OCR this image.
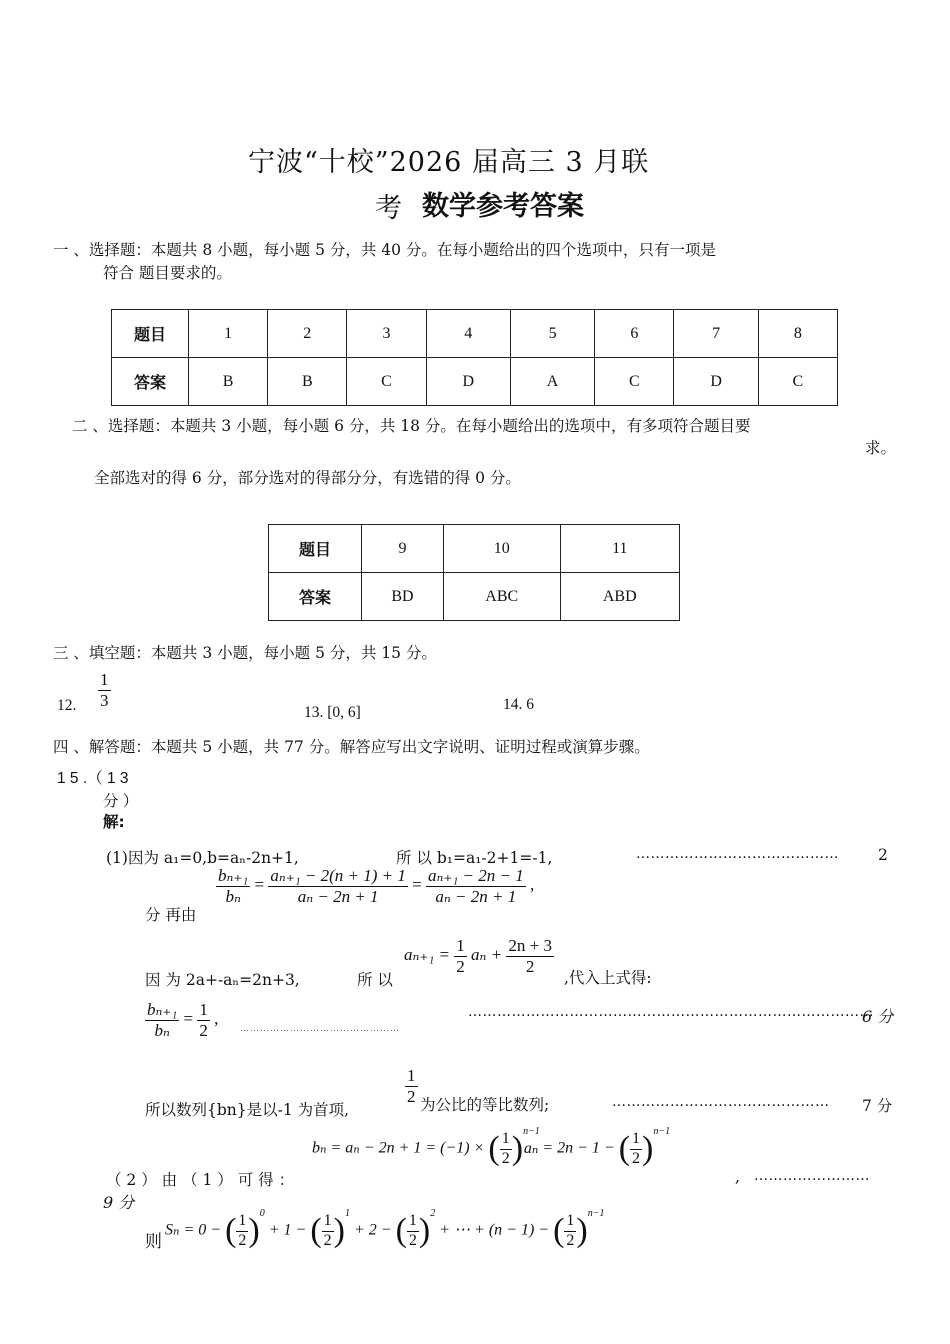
宁波“十校”2026 届高三 3 月联
考 数学参考答案
一 、选择题：本题共 8 小题，每小题 5 分，共 40 分。在每小题给出的四个选项中，只有一项是
符合 题目要求的。
题目	1	2	3	4	5	6	7	8
答案	B	B	C	D	A	C	D	C
二 、选择题：本题共 3 小题，每小题 6 分，共 18 分。在每小题给出的选项中，有多项符合题目要
求。
全部选对的得 6 分，部分选对的得部分分，有选错的得 0 分。
题目	9	10	11
答案	BD	ABC	ABD
三 、填空题：本题共 3 小题，每小题 5 分，共 15 分。
12. $\frac{1}{3}$
13. [0, 6]	14. 6
四 、解答题：本题共 5 小题，共 77 分。解答应写出文字说明、证明过程或演算步骤。
1 5 .（ 1 3
分 ）
解:
(1)因为 a₁=0,b=aₙ-2n+1,	所 以 b₁=a₁-2+1=-1,	……………………………………	2
$\frac{\text{bₙ₊₁}}{\text{bₙ}} = \frac{\text{aₙ₊₁ − 2(n + 1) + 1}}{\text{aₙ − 2n + 1}} = \frac{\text{aₙ₊₁ − 2n − 1}}{\text{aₙ − 2n + 1}}$ ,
分 再由
因 为 2a+-aₙ=2n+3,	所 以
$a_{n+1} = \frac{1}{2}$ $a_n + \frac{2n + 3}{2}$
,代入上式得:
$\frac{\text{bₙ₊₁}}{\text{bₙ}} = \frac{1}{2}$ ,
…………………………………………
…………………………………………………………………………
6 分
所以数列{bn}是以-1 为首项,
$\frac{1}{2}$ 为公比的等比数列;	……………………………………… 7 分
（ 2 ） 由 （ 1 ） 可 得 ：
bₙ = aₙ − 2n + 1 = (−1) × ( $\frac{1}{2} )^{n-1}a_n = 2n - 1$ − ( $\frac{1}{2} )^{n-1}$
, ……………………
9 分
则
Sₙ = 0 − ( $\frac{1}{2} )^0 + 1$ − ( $\frac{1}{2} )^1 + 2$ − ( $\frac{1}{2} )^2$ + ⋯ + (n − 1) − ( $\frac{1}{2} )^{n-1}$
